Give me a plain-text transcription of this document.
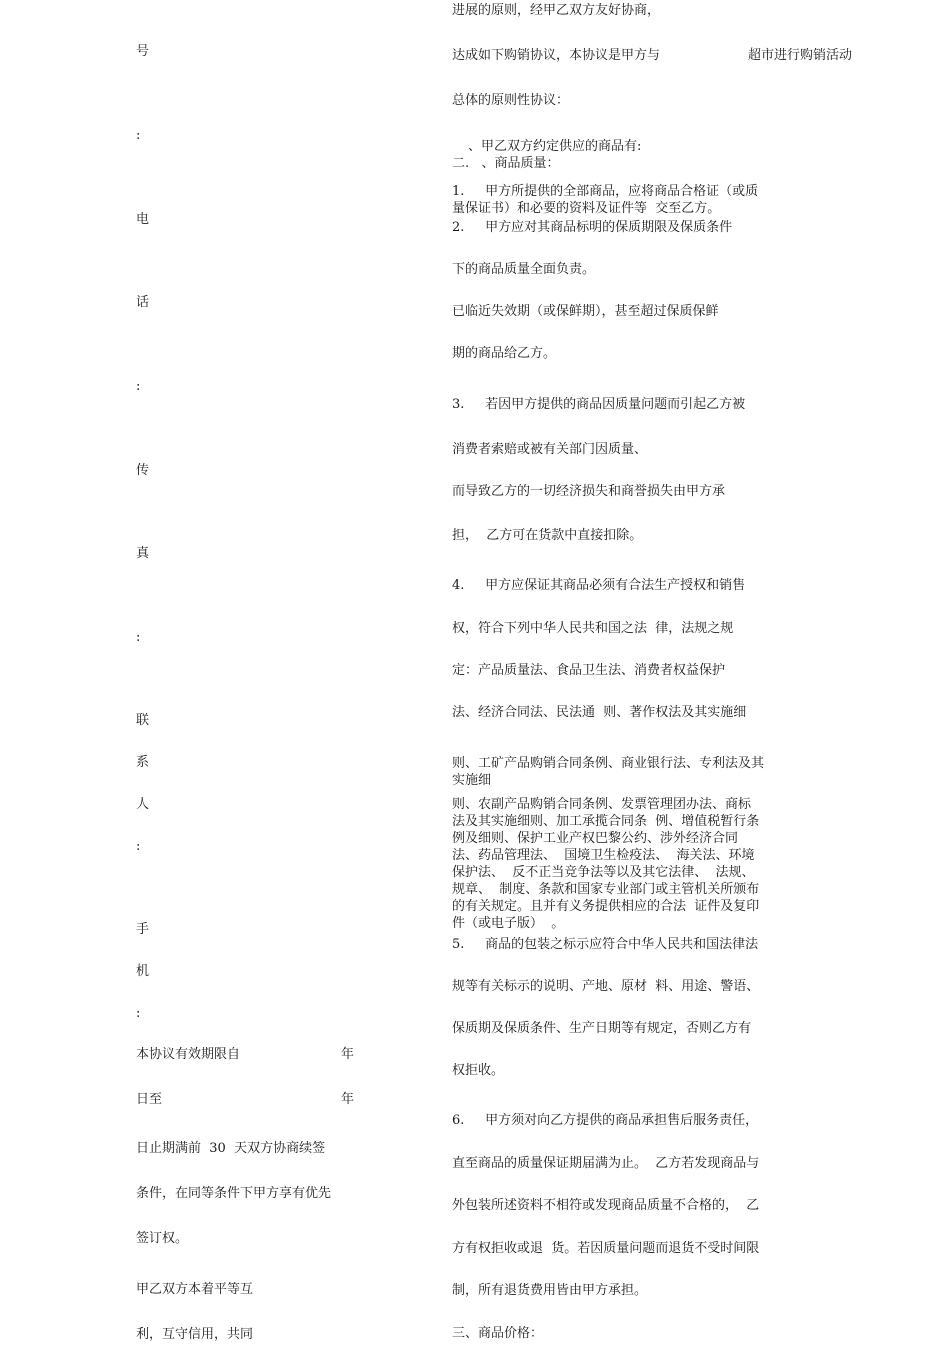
号
:
电
话
:
传
真
:
联
系
人
:
手
机
:
本协议有效期限自	年
日至	年
日止期满前  30  天双方协商续签
条件，在同等条件下甲方享有优先
签订权。
甲乙双方本着平等互
利，互守信用，共同
进展的原则，经甲乙双方友好协商，
达成如下购销协议，本协议是甲方与	超市进行购销活动
总体的原则性协议：
、甲乙双方约定供应的商品有:
二.   、商品质量：
1.     甲方所提供的全部商品，应将商品合格证（或质
量保证书）和必要的资料及证件等  交至乙方。
2.     甲方应对其商品标明的保质期限及保质条件
下的商品质量全面负责。
已临近失效期（或保鲜期），甚至超过保质保鲜
期的商品给乙方。
3.     若因甲方提供的商品因质量问题而引起乙方被
消费者索赔或被有关部门因质量、
而导致乙方的一切经济损失和商誉损失由甲方承
担，  乙方可在货款中直接扣除。
4.     甲方应保证其商品必须有合法生产授权和销售
权，符合下列中华人民共和国之法  律，法规之规
定：产品质量法、食品卫生法、消费者权益保护
法、经济合同法、民法通  则、著作权法及其实施细
则、工矿产品购销合同条例、商业银行法、专利法及其
实施细
则、农副产品购销合同条例、发票管理团办法、商标
法及其实施细则、加工承揽合同条  例、增值税暂行条
例及细则、保护工业产权巴黎公约、涉外经济合同
法、药品管理法、  国境卫生检疫法、  海关法、环境
保护法、  反不正当竞争法等以及其它法律、  法规、
规章、  制度、条款和国家专业部门或主管机关所颁布
的有关规定。且并有义务提供相应的合法  证件及复印
件（或电子版）  。
5.     商品的包装之标示应符合中华人民共和国法律法
规等有关标示的说明、产地、原材  料、用途、警语、
保质期及保质条件、生产日期等有规定，否则乙方有
权拒收。
6.     甲方须对向乙方提供的商品承担售后服务责任，
直至商品的质量保证期届满为止。  乙方若发现商品与
外包装所述资料不相符或发现商品质量不合格的，  乙
方有权拒收或退  货。若因质量问题而退货不受时间限
制，所有退货费用皆由甲方承担。
三、商品价格：
